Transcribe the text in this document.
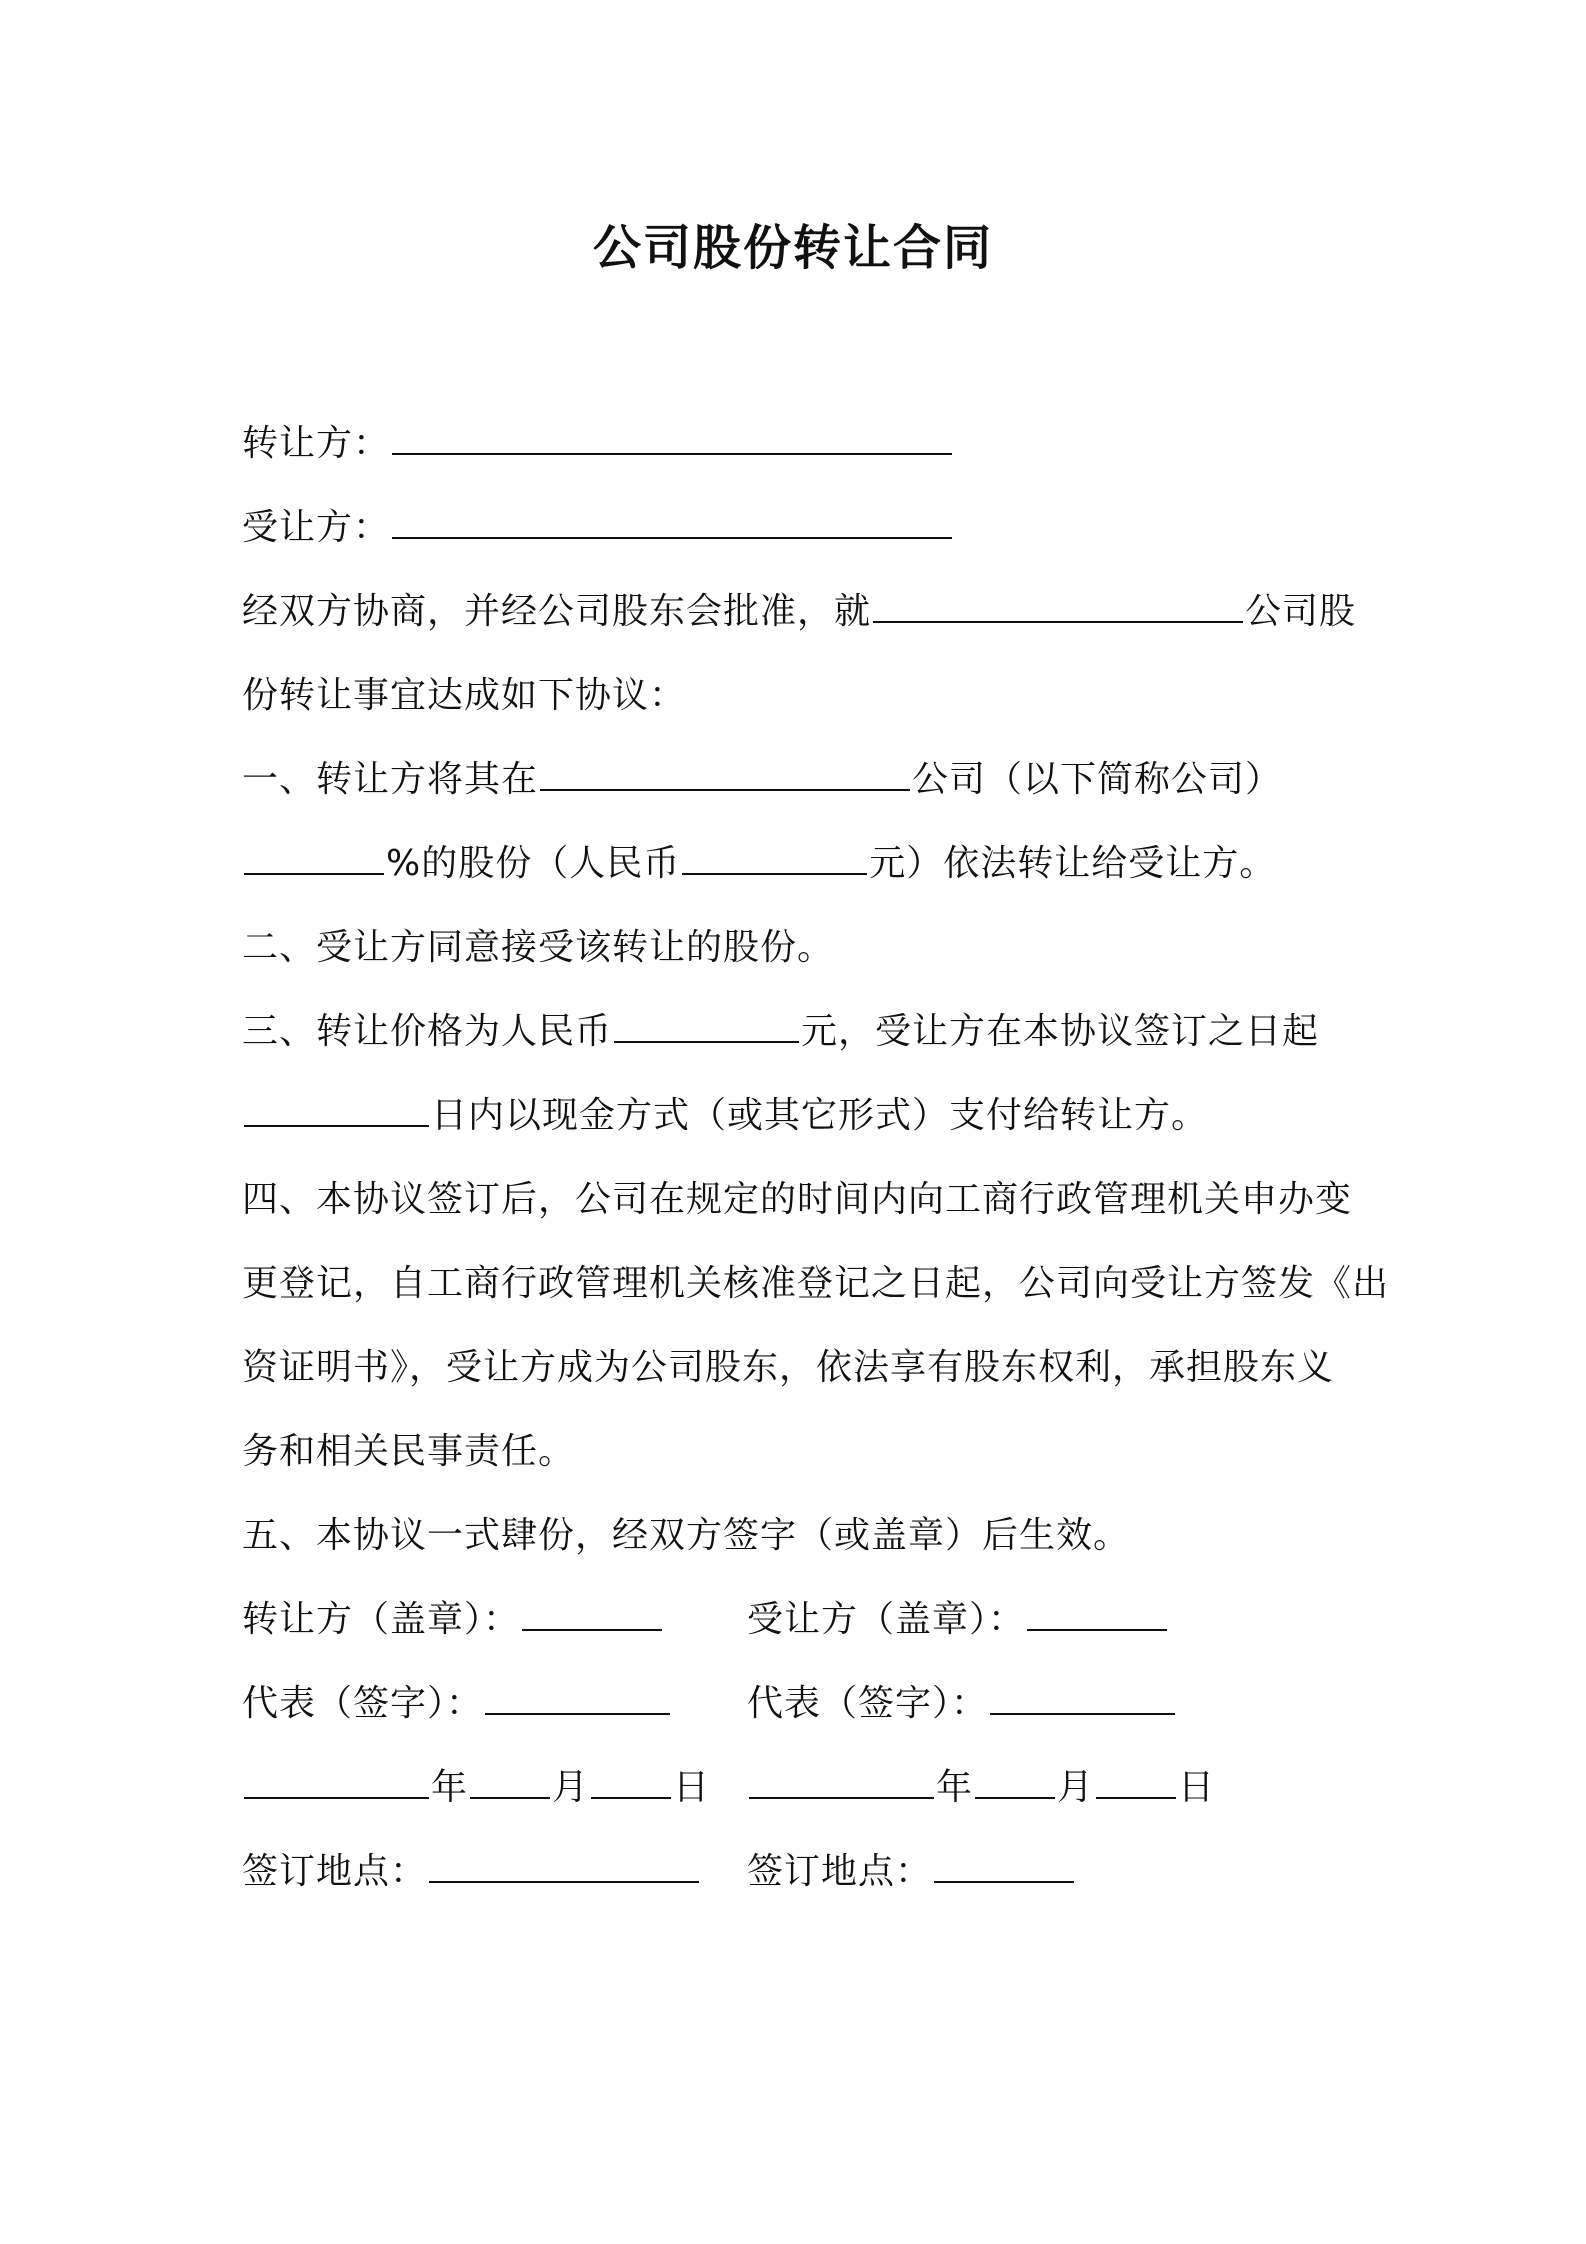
公司股份转让合同
转让方：
受让方：
经双方协商，并经公司股东会批准，就	公司股
份转让事宜达成如下协议：
一、转让方将其在	公司（以下简称公司）
%的股份（人民币	元）依法转让给受让方。
二、受让方同意接受该转让的股份。
三、转让价格为人民币	元，受让方在本协议签订之日起
日内以现金方式（或其它形式）支付给转让方。
四、本协议签订后，公司在规定的时间内向工商行政管理机关申办变
更登记，自工商行政管理机关核准登记之日起，公司向受让方签发《出
资证明书》，受让方成为公司股东，依法享有股东权利，承担股东义
务和相关民事责任。
五、本协议一式肆份，经双方签字（或盖章）后生效。
转让方（盖章）：	受让方（盖章）：
代表（签字）：	代表（签字）：
年 月 日	年 月 日
签订地点：	签订地点：
